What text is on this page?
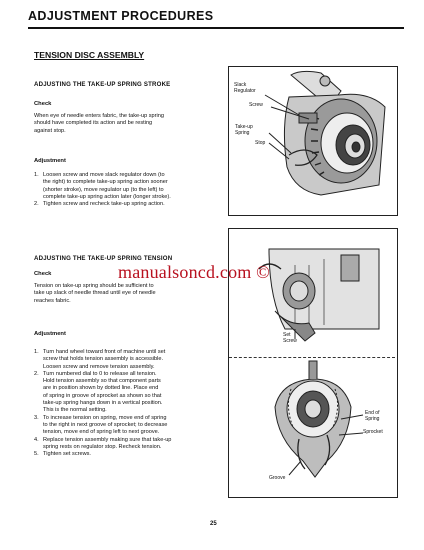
ADJUSTMENT PROCEDURES
TENSION DISC ASSEMBLY
ADJUSTING THE TAKE-UP SPRING STROKE
Check
When eye of needle enters fabric, the take-up spring
should have completed its action and be resting
against stop.
Adjustment
1. Loosen screw and move slack regulator down (to
the right) to complete take-up spring action sooner
(shorter stroke), move regulator up (to the left) to
complete take-up spring action later (longer stroke).
2. Tighten screw and recheck take-up spring action.
ADJUSTING THE TAKE-UP SPRING TENSION
Check
Tension on take-up spring should be sufficient to
take up slack of needle thread until eye of needle
reaches fabric.
Adjustment
1. Turn hand wheel toward front of machine until set
screw that holds tension assembly is accessible.
Loosen screw and remove tension assembly.
2. Turn numbered dial to 0 to release all tension.
Hold tension assembly so that component parts
are in position shown by dotted line. Place end
of spring in groove of sprocket as shown so that
take-up spring hangs down in a vertical position.
This is the normal setting.
3. To increase tension on spring, move end of spring
to the right in next groove of sprocket; to decrease
tension, move end of spring left to next groove.
4. Replace tension assembly making sure that take-up
spring rests on regulator stop. Recheck tension.
5. Tighten set screws.
Slack
Regulator
Screw
Take-up
Spring
Stop
Set
Screw
End of
Spring
Sprocket
Groove
manualsoncd.com ©
25
